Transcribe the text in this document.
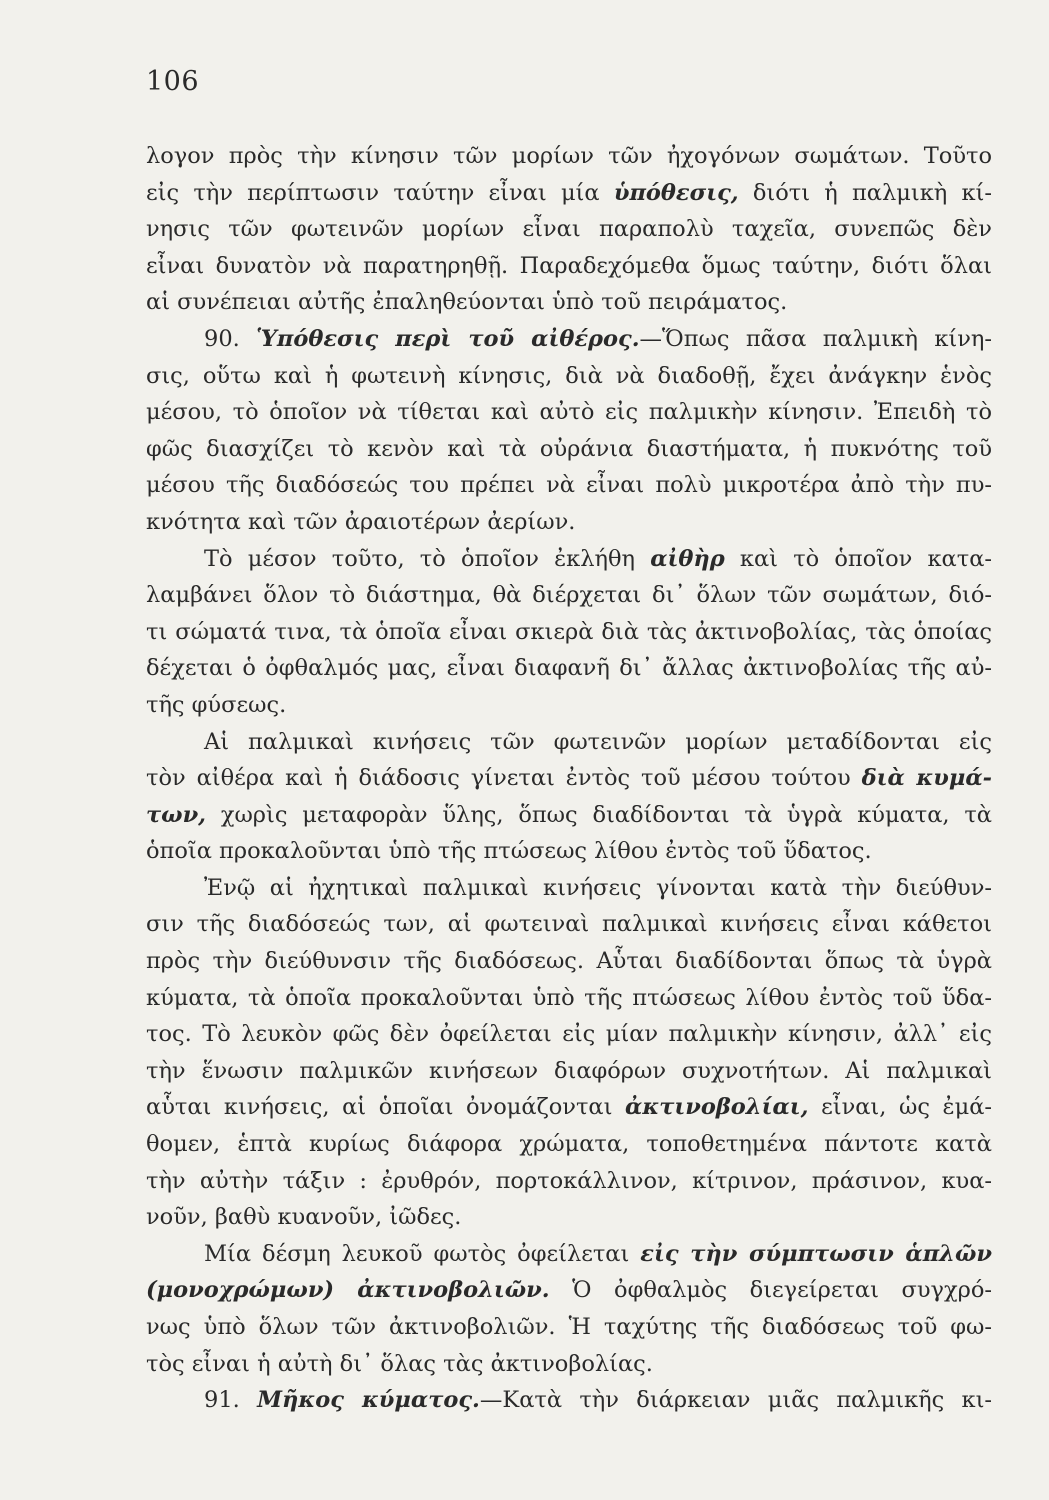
106
λογον πρὸς τὴν κίνησιν τῶν μορίων τῶν ἠχογόνων σωμάτων. Τοῦτο
εἰς τὴν περίπτωσιν ταύτην εἶναι μία ὑπόθεσις, διότι ἡ παλμικὴ κί-
νησις τῶν φωτεινῶν μορίων εἶναι παραπολὺ ταχεῖα, συνεπῶς δὲν
εἶναι δυνατὸν νὰ παρατηρηθῇ. Παραδεχόμεθα ὅμως ταύτην, διότι ὅλαι
αἱ συνέπειαι αὐτῆς ἐπαληθεύονται ὑπὸ τοῦ πειράματος.
90. Ὑπόθεσις περὶ τοῦ αἰθέρος.—Ὅπως πᾶσα παλμικὴ κίνη-
σις, οὕτω καὶ ἡ φωτεινὴ κίνησις, διὰ νὰ διαδοθῇ, ἔχει ἀνάγκην ἑνὸς
μέσου, τὸ ὁποῖον νὰ τίθεται καὶ αὐτὸ εἰς παλμικὴν κίνησιν. Ἐπειδὴ τὸ
φῶς διασχίζει τὸ κενὸν καὶ τὰ οὐράνια διαστήματα, ἡ πυκνότης τοῦ
μέσου τῆς διαδόσεώς του πρέπει νὰ εἶναι πολὺ μικροτέρα ἀπὸ τὴν πυ-
κνότητα καὶ τῶν ἀραιοτέρων ἀερίων.
Τὸ μέσον τοῦτο, τὸ ὁποῖον ἐκλήθη αἰθὴρ καὶ τὸ ὁποῖον κατα-
λαμβάνει ὅλον τὸ διάστημα, θὰ διέρχεται δι᾽ ὅλων τῶν σωμάτων, διό-
τι σώματά τινα, τὰ ὁποῖα εἶναι σκιερὰ διὰ τὰς ἀκτινοβολίας, τὰς ὁποίας
δέχεται ὁ ὀφθαλμός μας, εἶναι διαφανῆ δι᾽ ἄλλας ἀκτινοβολίας τῆς αὐ-
τῆς φύσεως.
Αἱ παλμικαὶ κινήσεις τῶν φωτεινῶν μορίων μεταδίδονται εἰς
τὸν αἰθέρα καὶ ἡ διάδοσις γίνεται ἐντὸς τοῦ μέσου τούτου διὰ κυμά-
των, χωρὶς μεταφορὰν ὕλης, ὅπως διαδίδονται τὰ ὑγρὰ κύματα, τὰ
ὁποῖα προκαλοῦνται ὑπὸ τῆς πτώσεως λίθου ἐντὸς τοῦ ὕδατος.
Ἐνῷ αἱ ἠχητικαὶ παλμικαὶ κινήσεις γίνονται κατὰ τὴν διεύθυν-
σιν τῆς διαδόσεώς των, αἱ φωτειναὶ παλμικαὶ κινήσεις εἶναι κάθετοι
πρὸς τὴν διεύθυνσιν τῆς διαδόσεως. Αὗται διαδίδονται ὅπως τὰ ὑγρὰ
κύματα, τὰ ὁποῖα προκαλοῦνται ὑπὸ τῆς πτώσεως λίθου ἐντὸς τοῦ ὕδα-
τος. Τὸ λευκὸν φῶς δὲν ὀφείλεται εἰς μίαν παλμικὴν κίνησιν, ἀλλ᾽ εἰς
τὴν ἕνωσιν παλμικῶν κινήσεων διαφόρων συχνοτήτων. Αἱ παλμικαὶ
αὗται κινήσεις, αἱ ὁποῖαι ὀνομάζονται ἀκτινοβολίαι, εἶναι, ὡς ἐμά-
θομεν, ἑπτὰ κυρίως διάφορα χρώματα, τοποθετημένα πάντοτε κατὰ
τὴν αὐτὴν τάξιν : ἐρυθρόν, πορτοκάλλινον, κίτρινον, πράσινον, κυα-
νοῦν, βαθὺ κυανοῦν, ἰῶδες.
Μία δέσμη λευκοῦ φωτὸς ὀφείλεται εἰς τὴν σύμπτωσιν ἁπλῶν
(μονοχρώμων) ἀκτινοβολιῶν. Ὁ ὀφθαλμὸς διεγείρεται συγχρό-
νως ὑπὸ ὅλων τῶν ἀκτινοβολιῶν. Ἡ ταχύτης τῆς διαδόσεως τοῦ φω-
τὸς εἶναι ἡ αὐτὴ δι᾽ ὅλας τὰς ἀκτινοβολίας.
91. Μῆκος κύματος.—Κατὰ τὴν διάρκειαν μιᾶς παλμικῆς κι-
